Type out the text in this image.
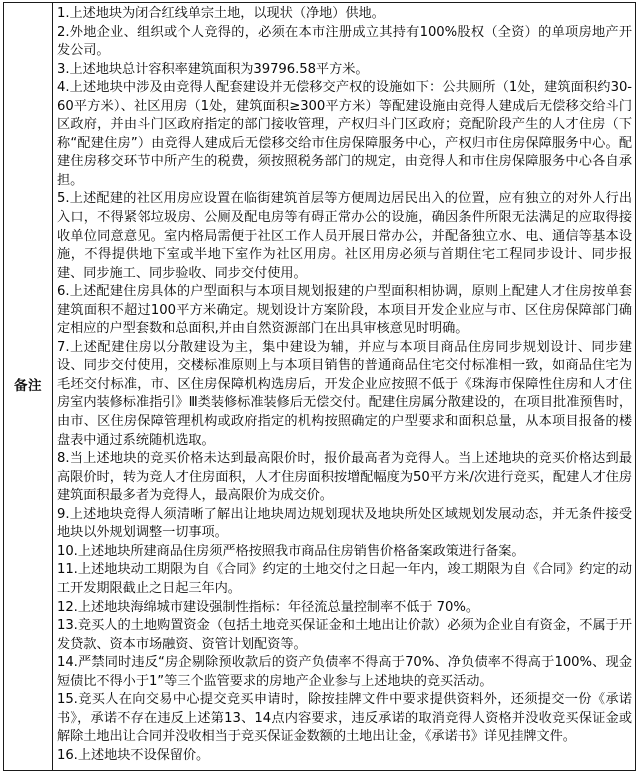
备注

1.上述地块为闭合红线单宗土地，以现状（净地）供地。

2.外地企业、组织或个人竞得的，必须在本市注册成立其持有100%股权（全资）的单项房地产开发公司。

3.上述地块总计容积率建筑面积为39796.58平方米。

4.上述地块中涉及由竞得人配套建设并无偿移交产权的设施如下：公共厕所（1处，建筑面积约30-60平方米）、社区用房（1处，建筑面积≥300平方米）等配建设施由竞得人建成后无偿移交给斗门区政府，并由斗门区政府指定的部门接收管理，产权归斗门区政府；竞配阶段产生的人才住房（下称“配建住房”）由竞得人建成后无偿移交给市住房保障服务中心，产权归市住房保障服务中心。配建住房移交环节中所产生的税费，须按照税务部门的规定，由竞得人和市住房保障服务中心各自承担。

5.上述配建的社区用房应设置在临街建筑首层等方便周边居民出入的位置，应有独立的对外人行出入口，不得紧邻垃圾房、公厕及配电房等有碍正常办公的设施，确因条件所限无法满足的应取得接收单位同意意见。室内格局需便于社区工作人员开展日常办公，并配备独立水、电、通信等基本设施，不得提供地下室或半地下室作为社区用房。社区用房必须与首期住宅工程同步设计、同步报建、同步施工、同步验收、同步交付使用。

6.上述配建住房具体的户型面积与本项目规划报建的户型面积相协调，原则上配建人才住房按单套建筑面积不超过100平方米确定。规划设计方案阶段，本项目开发企业应与市、区住房保障部门确定相应的户型套数和总面积,并由自然资源部门在出具审核意见时明确。

7.上述配建住房以分散建设为主，集中建设为辅，并应与本项目商品住房同步规划设计、同步建设、同步交付使用，交楼标准原则上与本项目销售的普通商品住宅交付标准相一致，如商品住宅为毛坯交付标准，市、区住房保障机构选房后，开发企业应按照不低于《珠海市保障性住房和人才住房室内装修标准指引》Ⅲ类装修标准装修后无偿交付。配建住房属分散建设的，在项目批准预售时，由市、区住房保障管理机构或政府指定的机构按照确定的户型要求和面积总量，从本项目报备的楼盘表中通过系统随机选取。

8.当上述地块的竞买价格未达到最高限价时，报价最高者为竞得人。当上述地块的竞买价格达到最高限价时，转为竞人才住房面积，人才住房面积按增配幅度为50平方米/次进行竞买，配建人才住房建筑面积最多者为竞得人，最高限价为成交价。

9.上述地块竞得人须清晰了解出让地块周边规划现状及地块所处区域规划发展动态，并无条件接受地块以外规划调整一切事项。

10.上述地块所建商品住房须严格按照我市商品住房销售价格备案政策进行备案。

11.上述地块动工期限为自《合同》约定的土地交付之日起一年内，竣工期限为自《合同》约定的动工开发期限截止之日起三年内。

12.上述地块海绵城市建设强制性指标：年径流总量控制率不低于 70%。

13.竞买人的土地购置资金（包括土地竞买保证金和土地出让价款）必须为企业自有资金，不属于开发贷款、资本市场融资、资管计划配资等。

14.严禁同时违反“房企剔除预收款后的资产负债率不得高于70%、净负债率不得高于100%、现金短债比不得小于1”等三个监管要求的房地产企业参与上述地块的竞买活动。

15.竞买人在向交易中心提交竞买申请时，除按挂牌文件中要求提供资料外，还须提交一份《承诺书》，承诺不存在违反上述第13、14点内容要求，违反承诺的取消竞得人资格并没收竞买保证金或解除土地出让合同并没收相当于竞买保证金数额的土地出让金，《承诺书》详见挂牌文件。

16.上述地块不设保留价。
